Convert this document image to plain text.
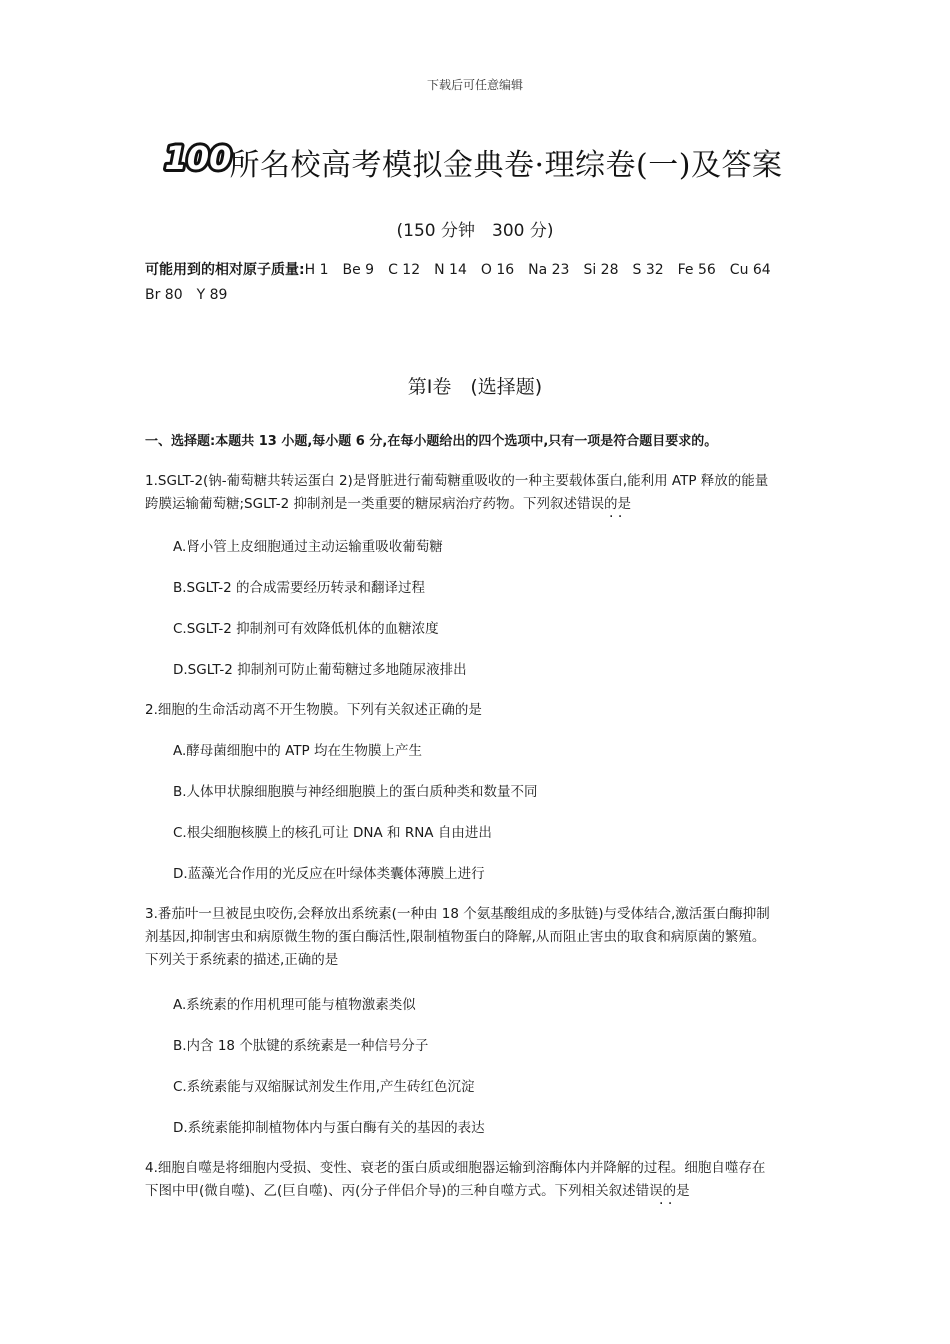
下载后可任意编辑
100
所名校高考模拟金典卷·理综卷(一)及答案
(150 分钟　300 分)
可能用到的相对原子质量:H 1　Be 9　C 12　N 14　O 16　Na 23　Si 28　S 32　Fe 56　Cu 64
Br 80　Y 89
第Ⅰ卷　(选择题)
一、选择题:本题共 13 小题,每小题 6 分,在每小题给出的四个选项中,只有一项是符合题目要求的。
1.SGLT-2(钠-葡萄糖共转运蛋白 2)是肾脏进行葡萄糖重吸收的一种主要载体蛋白,能利用 ATP 释放的能量
跨膜运输葡萄糖;SGLT-2 抑制剂是一类重要的糖尿病治疗药物。下列叙述错误的是
· ·
A.肾小管上皮细胞通过主动运输重吸收葡萄糖
B.SGLT-2 的合成需要经历转录和翻译过程
C.SGLT-2 抑制剂可有效降低机体的血糖浓度
D.SGLT-2 抑制剂可防止葡萄糖过多地随尿液排出
2.细胞的生命活动离不开生物膜。下列有关叙述正确的是
A.酵母菌细胞中的 ATP 均在生物膜上产生
B.人体甲状腺细胞膜与神经细胞膜上的蛋白质种类和数量不同
C.根尖细胞核膜上的核孔可让 DNA 和 RNA 自由进出
D.蓝藻光合作用的光反应在叶绿体类囊体薄膜上进行
3.番茄叶一旦被昆虫咬伤,会释放出系统素(一种由 18 个氨基酸组成的多肽链)与受体结合,激活蛋白酶抑制
剂基因,抑制害虫和病原微生物的蛋白酶活性,限制植物蛋白的降解,从而阻止害虫的取食和病原菌的繁殖。
下列关于系统素的描述,正确的是
A.系统素的作用机理可能与植物激素类似
B.内含 18 个肽键的系统素是一种信号分子
C.系统素能与双缩脲试剂发生作用,产生砖红色沉淀
D.系统素能抑制植物体内与蛋白酶有关的基因的表达
4.细胞自噬是将细胞内受损、变性、衰老的蛋白质或细胞器运输到溶酶体内并降解的过程。细胞自噬存在
下图中甲(微自噬)、乙(巨自噬)、丙(分子伴侣介导)的三种自噬方式。下列相关叙述错误的是
· ·
